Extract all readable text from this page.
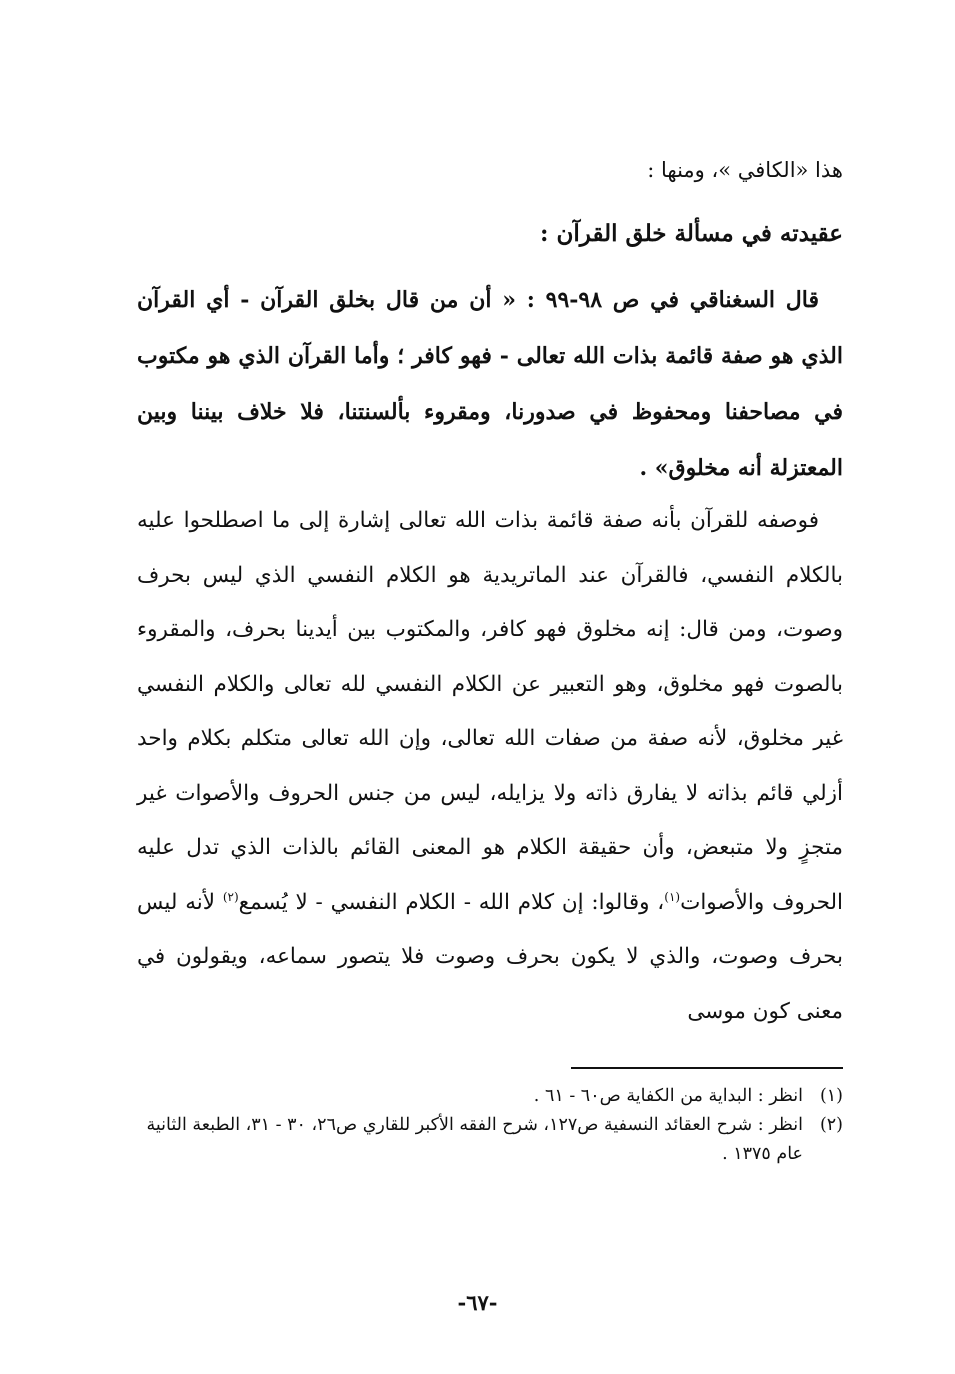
هذا «الكافي »، ومنها :
عقيدته في مسألة خلق القرآن :
قال السغناقي في ص ٩٨-٩٩ : « أن من قال بخلق القرآن - أي القرآن الذي هو صفة قائمة بذات الله تعالى - فهو كافر ؛ وأما القرآن الذي هو مكتوب في مصاحفنا ومحفوظ في صدورنا، ومقروء بألسنتنا، فلا خلاف بيننا وبين المعتزلة أنه مخلوق» .
فوصفه للقرآن بأنه صفة قائمة بذات الله تعالى إشارة إلى ما اصطلحوا عليه بالكلام النفسي، فالقرآن عند الماتريدية هو الكلام النفسي الذي ليس بحرف وصوت، ومن قال: إنه مخلوق فهو كافر، والمكتوب بين أيدينا بحرف، والمقروء بالصوت فهو مخلوق، وهو التعبير عن الكلام النفسي لله تعالى والكلام النفسي غير مخلوق، لأنه صفة من صفات الله تعالى، وإن الله تعالى متكلم بكلام واحد أزلي قائم بذاته لا يفارق ذاته ولا يزايله، ليس من جنس الحروف والأصوات غير متجزٍ ولا متبعض، وأن حقيقة الكلام هو المعنى القائم بالذات الذي تدل عليه الحروف والأصوات$^{(١)}$، وقالوا: إن كلام الله - الكلام النفسي - لا يُسمع$^{(٢)}$ لأنه ليس بحرف وصوت، والذي لا يكون بحرف وصوت فلا يتصور سماعه، ويقولون في معنى كون موسى
(١)
انظر : البداية من الكفاية ص٦٠ - ٦١ .
(٢)
انظر : شرح العقائد النسفية ص١٢٧، شرح الفقه الأكبر للقاري ص٢٦، ٣٠ - ٣١، الطبعة الثانية عام ١٣٧٥ .
-٦٧-
